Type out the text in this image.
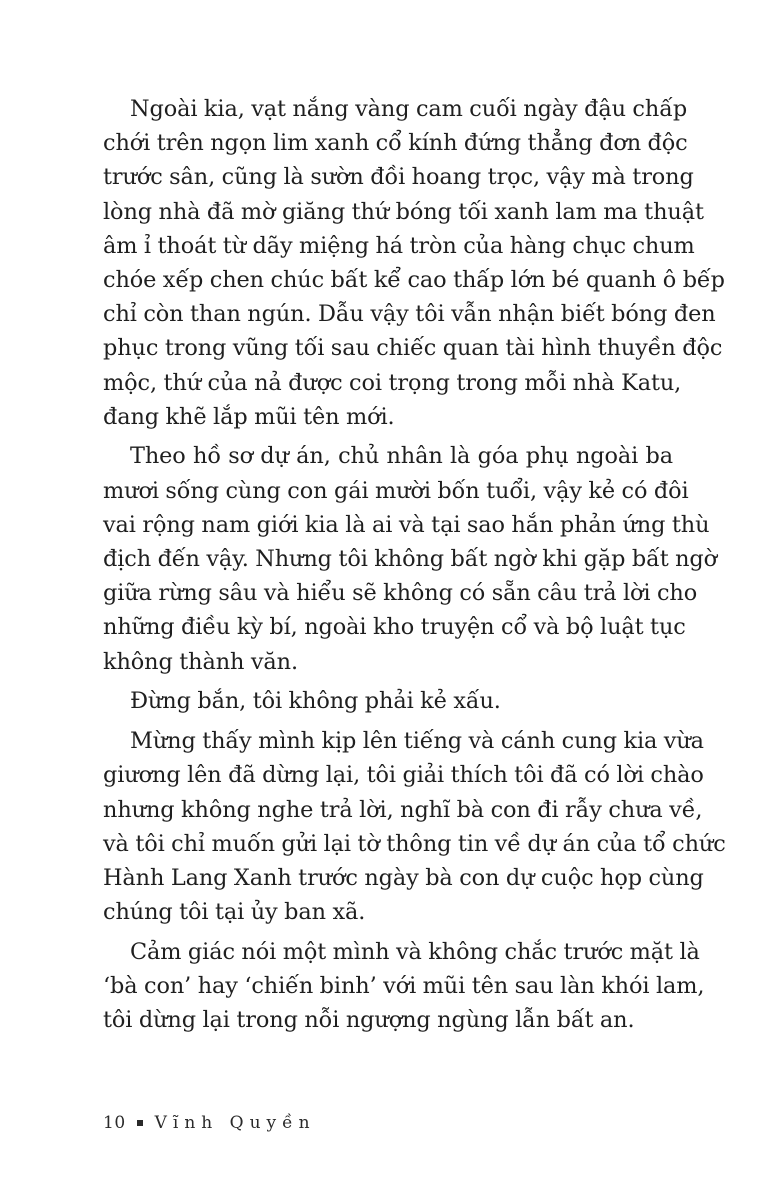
Ngoài kia, vạt nắng vàng cam cuối ngày đậu chấp
chới trên ngọn lim xanh cổ kính đứng thẳng đơn độc
trước sân, cũng là sườn đồi hoang trọc, vậy mà trong
lòng nhà đã mờ giăng thứ bóng tối xanh lam ma thuật
âm ỉ thoát từ dãy miệng há tròn của hàng chục chum
chóe xếp chen chúc bất kể cao thấp lớn bé quanh ô bếp
chỉ còn than ngún. Dẫu vậy tôi vẫn nhận biết bóng đen
phục trong vũng tối sau chiếc quan tài hình thuyền độc
mộc, thứ của nả được coi trọng trong mỗi nhà Katu,
đang khẽ lắp mũi tên mới.
Theo hồ sơ dự án, chủ nhân là góa phụ ngoài ba
mươi sống cùng con gái mười bốn tuổi, vậy kẻ có đôi
vai rộng nam giới kia là ai và tại sao hắn phản ứng thù
địch đến vậy. Nhưng tôi không bất ngờ khi gặp bất ngờ
giữa rừng sâu và hiểu sẽ không có sẵn câu trả lời cho
những điều kỳ bí, ngoài kho truyện cổ và bộ luật tục
không thành văn.
Đừng bắn, tôi không phải kẻ xấu.
Mừng thấy mình kịp lên tiếng và cánh cung kia vừa
giương lên đã dừng lại, tôi giải thích tôi đã có lời chào
nhưng không nghe trả lời, nghĩ bà con đi rẫy chưa về,
và tôi chỉ muốn gửi lại tờ thông tin về dự án của tổ chức
Hành Lang Xanh trước ngày bà con dự cuộc họp cùng
chúng tôi tại ủy ban xã.
Cảm giác nói một mình và không chắc trước mặt là
‘bà con’ hay ‘chiến binh’ với mũi tên sau làn khói lam,
tôi dừng lại trong nỗi ngượng ngùng lẫn bất an.
10 Vĩnh Quyền
